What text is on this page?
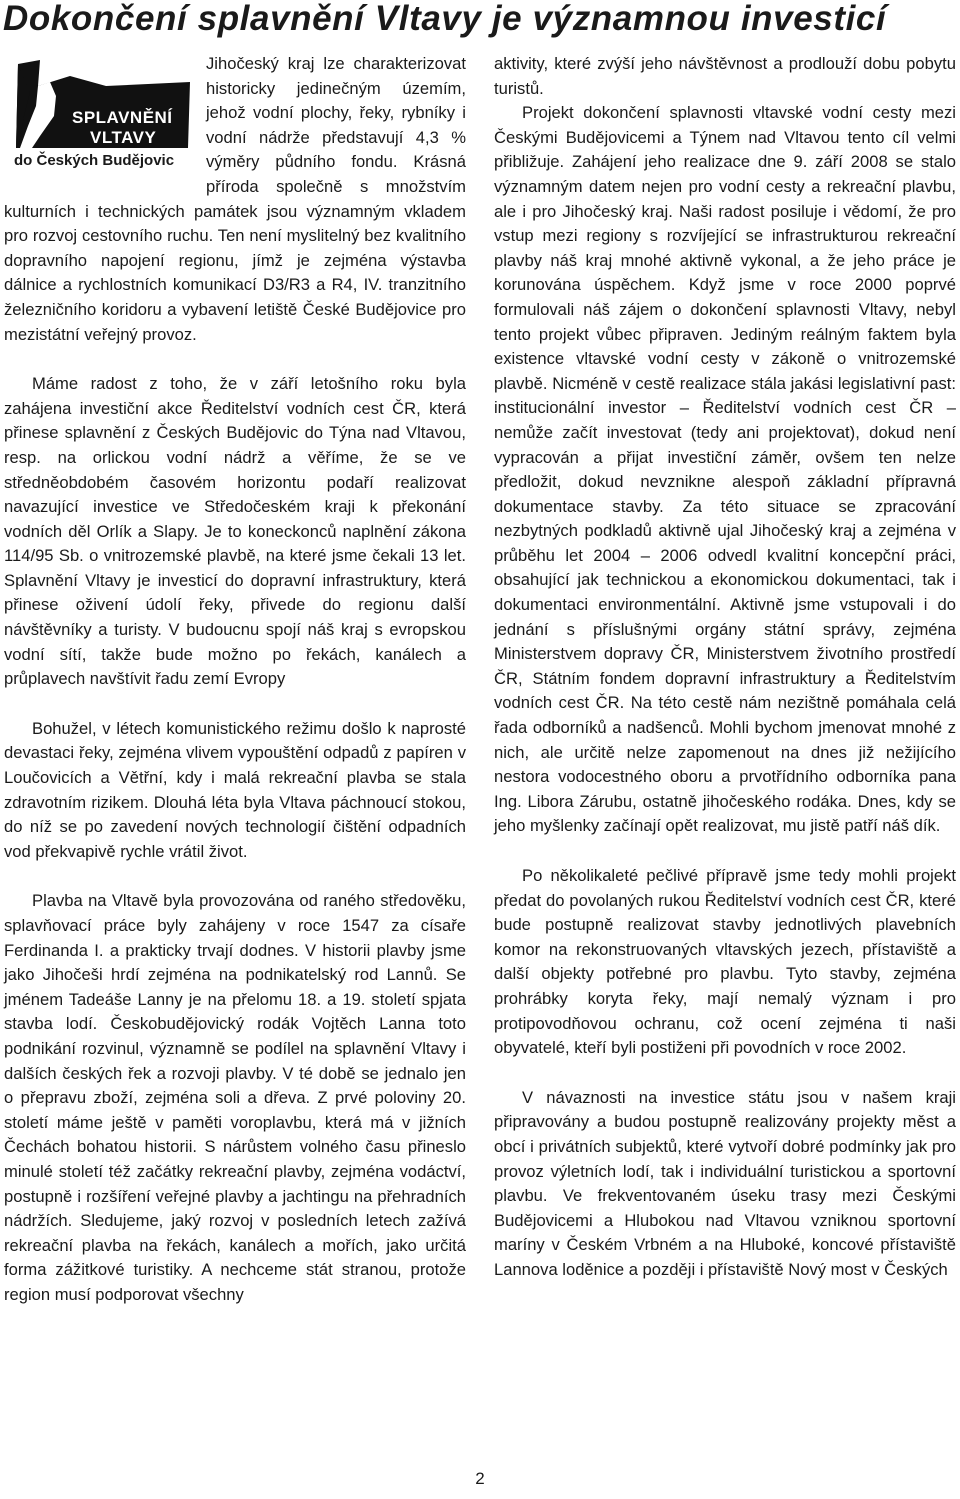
Dokončení splavnění Vltavy je významnou investicí
SPLAVNĚNÍ
VLTAVY
do Českých Budějovic

Jihočeský kraj lze charakterizovat historicky jedinečným územím, jehož vodní plochy, řeky, rybníky i vodní nádrže představují 4,3 % výměry půdního fondu. Krásná příroda společně s množstvím kulturních i technických památek jsou významným vkladem pro rozvoj cestovního ruchu. Ten není myslitelný bez kvalitního dopravního napojení regionu, jímž je zejména výstavba dálnice a rychlostních komunikací D3/R3 a R4, IV. tranzitního železničního koridoru a vybavení letiště České Budějovice pro mezistátní veřejný provoz.

Máme radost z toho, že v září letošního roku byla zahájena investiční akce Ředitelství vodních cest ČR, která přinese splavnění z Českých Budějovic do Týna nad Vltavou, resp. na orlickou vodní nádrž a věříme, že se ve středněobdobém časovém horizontu podaří realizovat navazující investice ve Středočeském kraji k překonání vodních děl Orlík a Slapy. Je to koneckonců naplnění zákona 114/95 Sb. o vnitrozemské plavbě, na které jsme čekali 13 let. Splavnění Vltavy je investicí do dopravní infrastruktury, která přinese oživení údolí řeky, přivede do regionu další návštěvníky a turisty. V budoucnu spojí náš kraj s evropskou vodní sítí, takže bude možno po řekách, kanálech a průplavech navštívit řadu zemí Evropy

Bohužel, v létech komunistického režimu došlo k naprosté devastaci řeky, zejména vlivem vypouštění odpadů z papíren v Loučovicích a Větřní, kdy i malá rekreační plavba se stala zdravotním rizikem. Dlouhá léta byla Vltava páchnoucí stokou, do níž se po zavedení nových technologií čištění odpadních vod překvapivě rychle vrátil život.

Plavba na Vltavě byla provozována od raného středověku, splavňovací práce byly zahájeny v roce 1547 za císaře Ferdinanda I. a prakticky trvají dodnes. V historii plavby jsme jako Jihočeši hrdí zejména na podnikatelský rod Lannů. Se jménem Tadeáše Lanny je na přelomu 18. a 19. století spjata stavba lodí. Českobudějovický rodák Vojtěch Lanna toto podnikání rozvinul, významně se podílel na splavnění Vltavy i dalších českých řek a rozvoji plavby. V té době se jednalo jen o přepravu zboží, zejména soli a dřeva. Z prvé poloviny 20. století máme ještě v paměti voroplavbu, která má v jižních Čechách bohatou historii. S nárůstem volného času přineslo minulé století též začátky rekreační plavby, zejména vodáctví, postupně i rozšíření veřejné plavby a jachtingu na přehradních nádržích. Sledujeme, jaký rozvoj v posledních letech zažívá rekreační plavba na řekách, kanálech a mořích, jako určitá forma zážitkové turistiky. A nechceme stát stranou, protože region musí podporovat všechny

aktivity, které zvýší jeho návštěvnost a prodlouží dobu pobytu turistů.

Projekt dokončení splavnosti vltavské vodní cesty mezi Českými Budějovicemi a Týnem nad Vltavou tento cíl velmi přibližuje. Zahájení jeho realizace dne 9. září 2008 se stalo významným datem nejen pro vodní cesty a rekreační plavbu, ale i pro Jihočeský kraj. Naši radost posiluje i vědomí, že pro vstup mezi regiony s rozvíjející se infrastrukturou rekreační plavby náš kraj mnohé aktivně vykonal, a že jeho práce je korunována úspěchem. Když jsme v roce 2000 poprvé formulovali náš zájem o dokončení splavnosti Vltavy, nebyl tento projekt vůbec připraven. Jediným reálným faktem byla existence vltavské vodní cesty v zákoně o vnitrozemské plavbě. Nicméně v cestě realizace stála jakási legislativní past: institucionální investor – Ředitelství vodních cest ČR – nemůže začít investovat (tedy ani projektovat), dokud není vypracován a přijat investiční záměr, ovšem ten nelze předložit, dokud nevznikne alespoň základní přípravná dokumentace stavby. Za této situace se zpracování nezbytných podkladů aktivně ujal Jihočeský kraj a zejména v průběhu let 2004 – 2006 odvedl kvalitní koncepční práci, obsahující jak technickou a ekonomickou dokumentaci, tak i dokumentaci environmentální. Aktivně jsme vstupovali i do jednání s příslušnými orgány státní správy, zejména Ministerstvem dopravy ČR, Ministerstvem životního prostředí ČR, Státním fondem dopravní infrastruktury a Ředitelstvím vodních cest ČR. Na této cestě nám nezištně pomáhala celá řada odborníků a nadšenců. Mohli bychom jmenovat mnohé z nich, ale určitě nelze zapomenout na dnes již nežijícího nestora vodocestného oboru a prvotřídního odborníka pana Ing. Libora Zárubu, ostatně jihočeského rodáka. Dnes, kdy se jeho myšlenky začínají opět realizovat, mu jistě patří náš dík.

Po několikaleté pečlivé přípravě jsme tedy mohli projekt předat do povolaných rukou Ředitelství vodních cest ČR, které bude postupně realizovat stavby jednotlivých plavebních komor na rekonstruovaných vltavských jezech, přístaviště a další objekty potřebné pro plavbu. Tyto stavby, zejména prohrábky koryta řeky, mají nemalý význam i pro protipovodňovou ochranu, což ocení zejména ti naši obyvatelé, kteří byli postiženi při povodních v roce 2002.

V návaznosti na investice státu jsou v našem kraji připravovány a budou postupně realizovány projekty měst a obcí i privátních subjektů, které vytvoří dobré podmínky jak pro provoz výletních lodí, tak i individuální turistickou a sportovní plavbu. Ve frekventovaném úseku trasy mezi Českými Budějovicemi a Hlubokou nad Vltavou vzniknou sportovní maríny v Českém Vrbném a na Hluboké, koncové přístaviště Lannova loděnice a později i přístaviště Nový most v Českých

2
